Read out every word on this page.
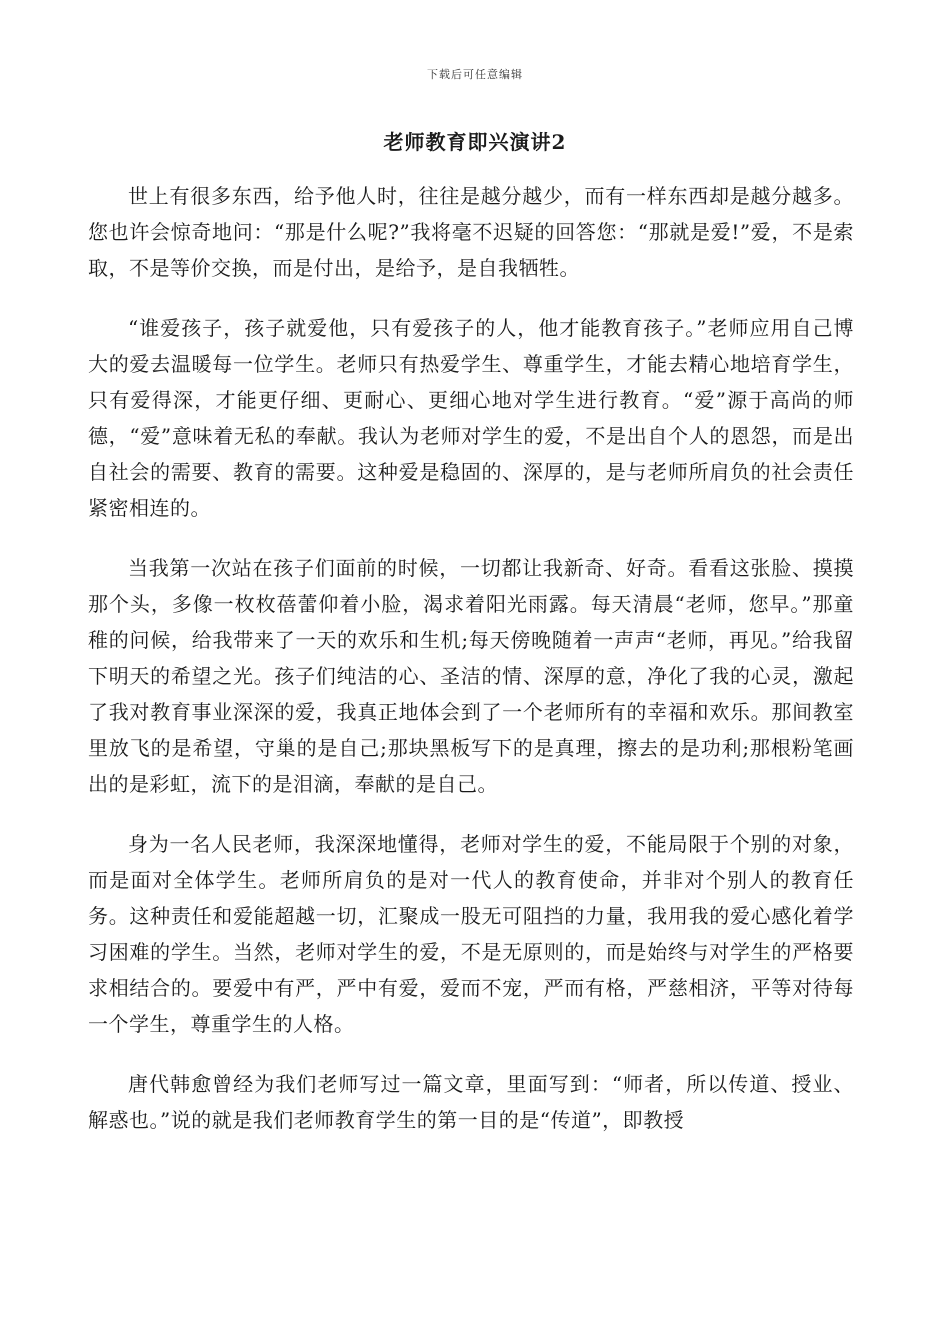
下载后可任意编辑
老师教育即兴演讲2

世上有很多东西，给予他人时，往往是越分越少，而有一样东西却是越分越多。您也许会惊奇地问：“那是什么呢?”我将毫不迟疑的回答您：“那就是爱!”爱，不是索取，不是等价交换，而是付出，是给予，是自我牺牲。

“谁爱孩子，孩子就爱他，只有爱孩子的人，他才能教育孩子。”老师应用自己博大的爱去温暖每一位学生。老师只有热爱学生、尊重学生，才能去精心地培育学生，只有爱得深，才能更仔细、更耐心、更细心地对学生进行教育。“爱”源于高尚的师德，“爱”意味着无私的奉献。我认为老师对学生的爱，不是出自个人的恩怨，而是出自社会的需要、教育的需要。这种爱是稳固的、深厚的，是与老师所肩负的社会责任紧密相连的。

当我第一次站在孩子们面前的时候，一切都让我新奇、好奇。看看这张脸、摸摸那个头，多像一枚枚蓓蕾仰着小脸，渴求着阳光雨露。每天清晨“老师，您早。”那童稚的问候，给我带来了一天的欢乐和生机;每天傍晚随着一声声“老师，再见。”给我留下明天的希望之光。孩子们纯洁的心、圣洁的情、深厚的意，净化了我的心灵，激起了我对教育事业深深的爱，我真正地体会到了一个老师所有的幸福和欢乐。那间教室里放飞的是希望，守巢的是自己;那块黑板写下的是真理，擦去的是功利;那根粉笔画出的是彩虹，流下的是泪滴，奉献的是自己。

身为一名人民老师，我深深地懂得，老师对学生的爱，不能局限于个别的对象，而是面对全体学生。老师所肩负的是对一代人的教育使命，并非对个别人的教育任务。这种责任和爱能超越一切，汇聚成一股无可阻挡的力量，我用我的爱心感化着学习困难的学生。当然，老师对学生的爱，不是无原则的，而是始终与对学生的严格要求相结合的。要爱中有严，严中有爱，爱而不宠，严而有格，严慈相济，平等对待每一个学生，尊重学生的人格。

唐代韩愈曾经为我们老师写过一篇文章，里面写到：“师者，所以传道、授业、解惑也。”说的就是我们老师教育学生的第一目的是“传道”，即教授
